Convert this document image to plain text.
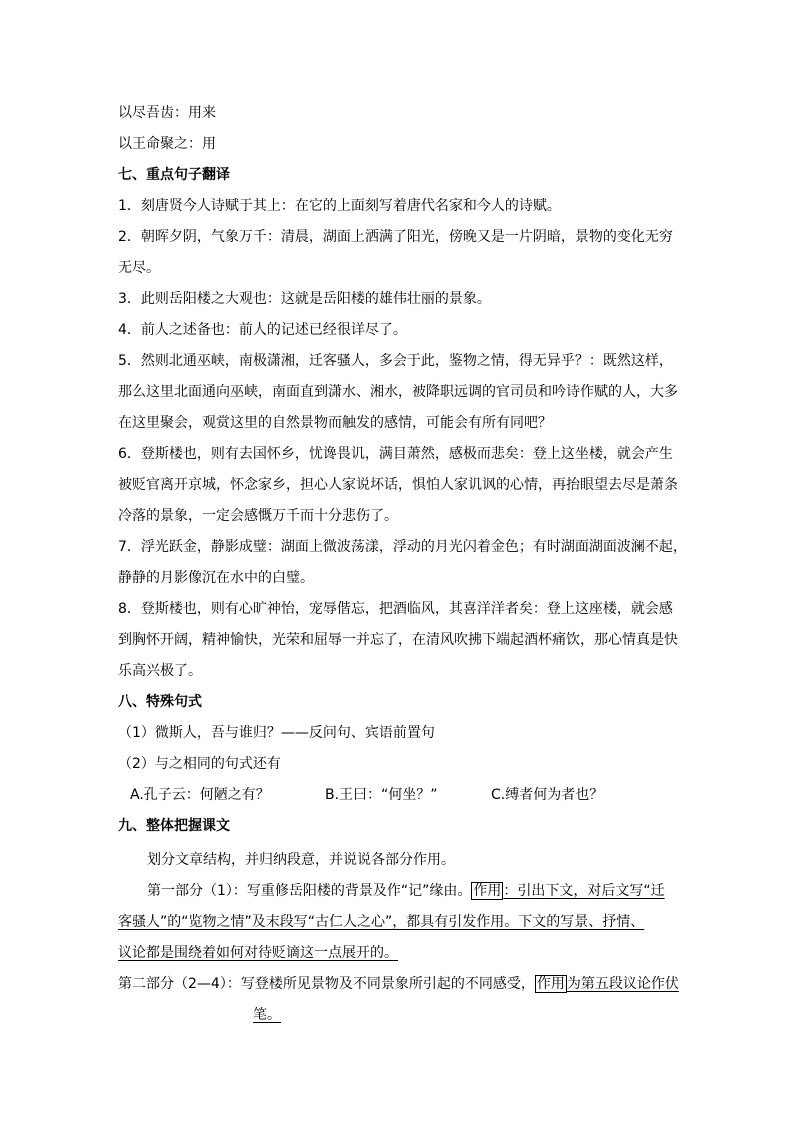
以尽吾齿：用来
以王命聚之：用
七、重点句子翻译
1．刻唐贤今人诗赋于其上：在它的上面刻写着唐代名家和今人的诗赋。
2．朝晖夕阴，气象万千：清晨，湖面上洒满了阳光，傍晚又是一片阴暗，景物的变化无穷
无尽。
3．此则岳阳楼之大观也：这就是岳阳楼的雄伟壮丽的景象。
4．前人之述备也：前人的记述已经很详尽了。
5．然则北通巫峡，南极潇湘，迁客骚人，多会于此，鉴物之情，得无异乎？：既然这样，
那么这里北面通向巫峡，南面直到潇水、湘水，被降职远调的官司员和吟诗作赋的人，大多
在这里聚会，观赏这里的自然景物而触发的感情，可能会有所有同吧？
6．登斯楼也，则有去国怀乡，忧谗畏讥，满目萧然，感极而悲矣：登上这坐楼，就会产生
被贬官离开京城，怀念家乡，担心人家说坏话，惧怕人家讥讽的心情，再抬眼望去尽是萧条
冷落的景象，一定会感慨万千而十分悲伤了。
7．浮光跃金，静影成璧：湖面上微波荡漾，浮动的月光闪着金色；有时湖面湖面波澜不起，
静静的月影像沉在水中的白璧。
8．登斯楼也，则有心旷神怡，宠辱偕忘，把酒临风，其喜洋洋者矣：登上这座楼，就会感
到胸怀开阔，精神愉快，光荣和屈辱一并忘了，在清风吹拂下端起酒杯痛饮，那心情真是快
乐高兴极了。
八、特殊句式
（1）微斯人，吾与谁归？——反问句、宾语前置句
（2）与之相同的句式还有
A.孔子云：何陋之有？	B.王曰：“何坐？”	C.缚者何为者也？
九、整体把握课文
划分文章结构，并归纳段意，并说说各部分作用。
第一部分（1）：写重修岳阳楼的背景及作“记”缘由。 作用 ：引出下文，对后文写“迁
客骚人”的“览物之情”及末段写“古仁人之心”，都具有引发作用。下文的写景、抒情、
议论都是围绕着如何对待贬谪这一点展开的。
第二部分（2—4）：写登楼所见景物及不同景象所引起的不同感受， 作用 为第五段议论作伏
笔。
